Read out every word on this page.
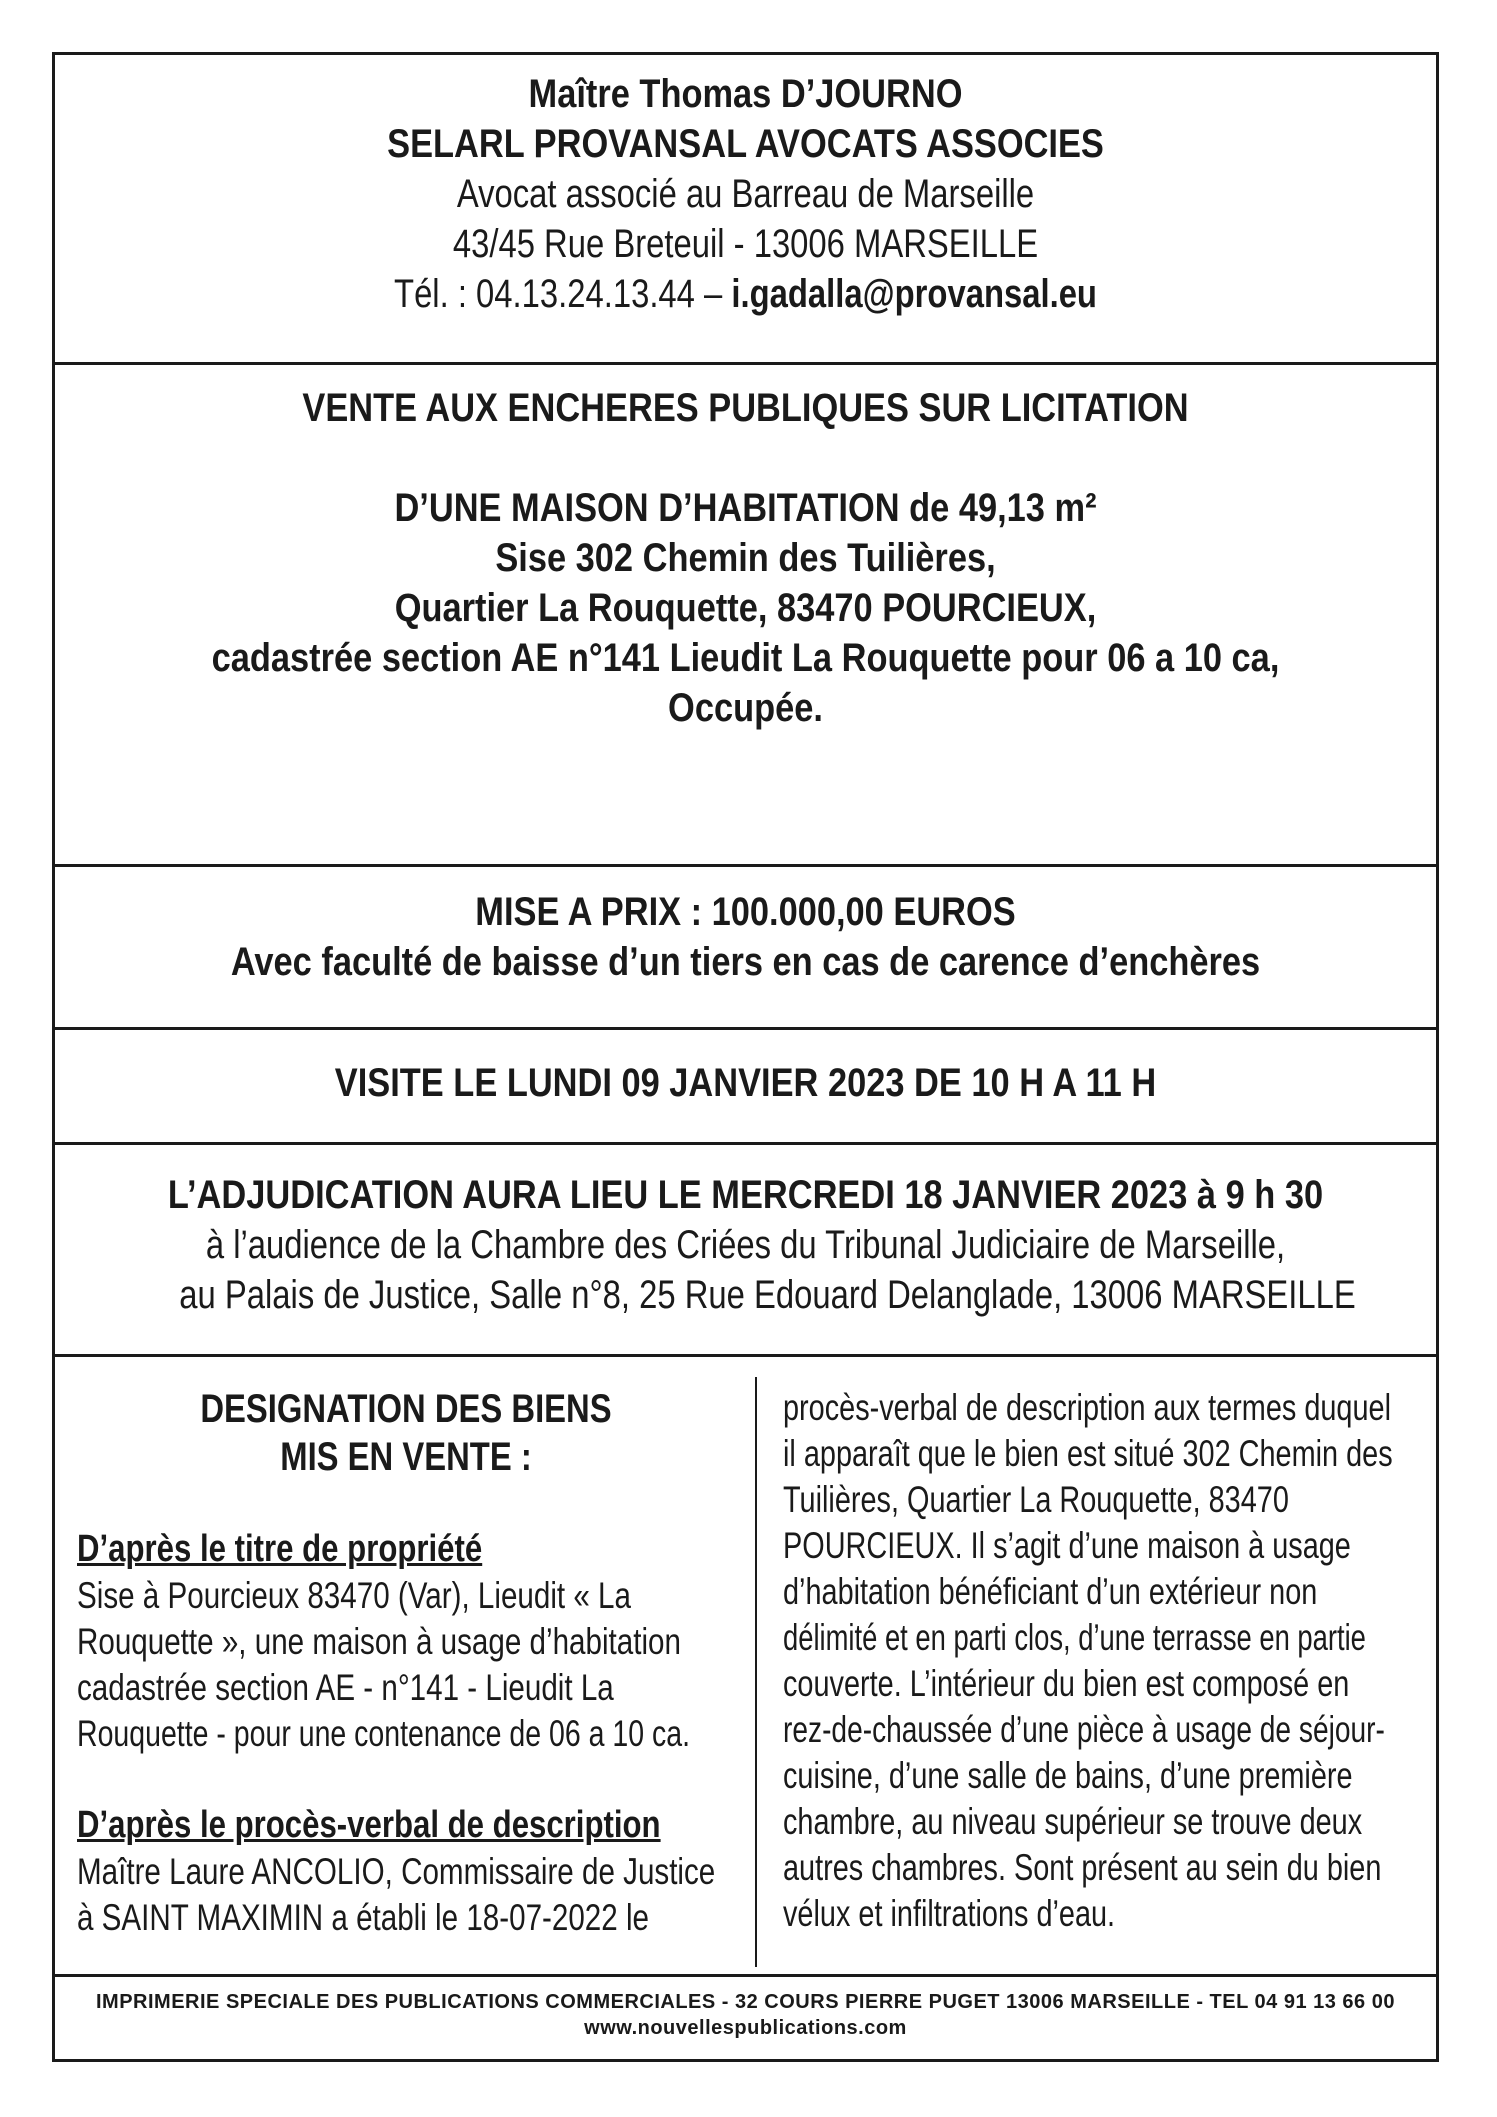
Maître Thomas D’JOURNO
SELARL PROVANSAL AVOCATS ASSOCIES
Avocat associé au Barreau de Marseille
43/45 Rue Breteuil - 13006 MARSEILLE
Tél. : 04.13.24.13.44 – i.gadalla@provansal.eu
VENTE AUX ENCHERES PUBLIQUES SUR LICITATION
D’UNE MAISON D’HABITATION de 49,13 m²
Sise 302 Chemin des Tuilières,
Quartier La Rouquette, 83470 POURCIEUX,
cadastrée section AE n°141 Lieudit La Rouquette pour 06 a 10 ca,
Occupée.
MISE A PRIX : 100.000,00 EUROS
Avec faculté de baisse d’un tiers en cas de carence d’enchères
VISITE LE LUNDI 09 JANVIER 2023 DE 10 H A 11 H
L’ADJUDICATION AURA LIEU LE MERCREDI 18 JANVIER 2023 à 9 h 30
à l’audience de la Chambre des Criées du Tribunal Judiciaire de Marseille,
au Palais de Justice, Salle n°8, 25 Rue Edouard Delanglade, 13006 MARSEILLE
DESIGNATION DES BIENS
MIS EN VENTE :
D’après le titre de propriété
Sise à Pourcieux 83470 (Var), Lieudit « La
Rouquette », une maison à usage d’habitation
cadastrée section AE - n°141 - Lieudit La
Rouquette - pour une contenance de 06 a 10 ca.
D’après le procès-verbal de description
Maître Laure ANCOLIO, Commissaire de Justice
à SAINT MAXIMIN a établi le 18-07-2022 le
procès-verbal de description aux termes duquel
il apparaît que le bien est situé 302 Chemin des
Tuilières, Quartier La Rouquette, 83470
POURCIEUX. Il s’agit d’une maison à usage
d’habitation bénéficiant d’un extérieur non
délimité et en parti clos, d’une terrasse en partie
couverte. L’intérieur du bien est composé en
rez-de-chaussée d’une pièce à usage de séjour-
cuisine, d’une salle de bains, d’une première
chambre, au niveau supérieur se trouve deux
autres chambres. Sont présent au sein du bien
vélux et infiltrations d’eau.
IMPRIMERIE SPECIALE DES PUBLICATIONS COMMERCIALES - 32 COURS PIERRE PUGET 13006 MARSEILLE - TEL 04 91 13 66 00
www.nouvellespublications.com
